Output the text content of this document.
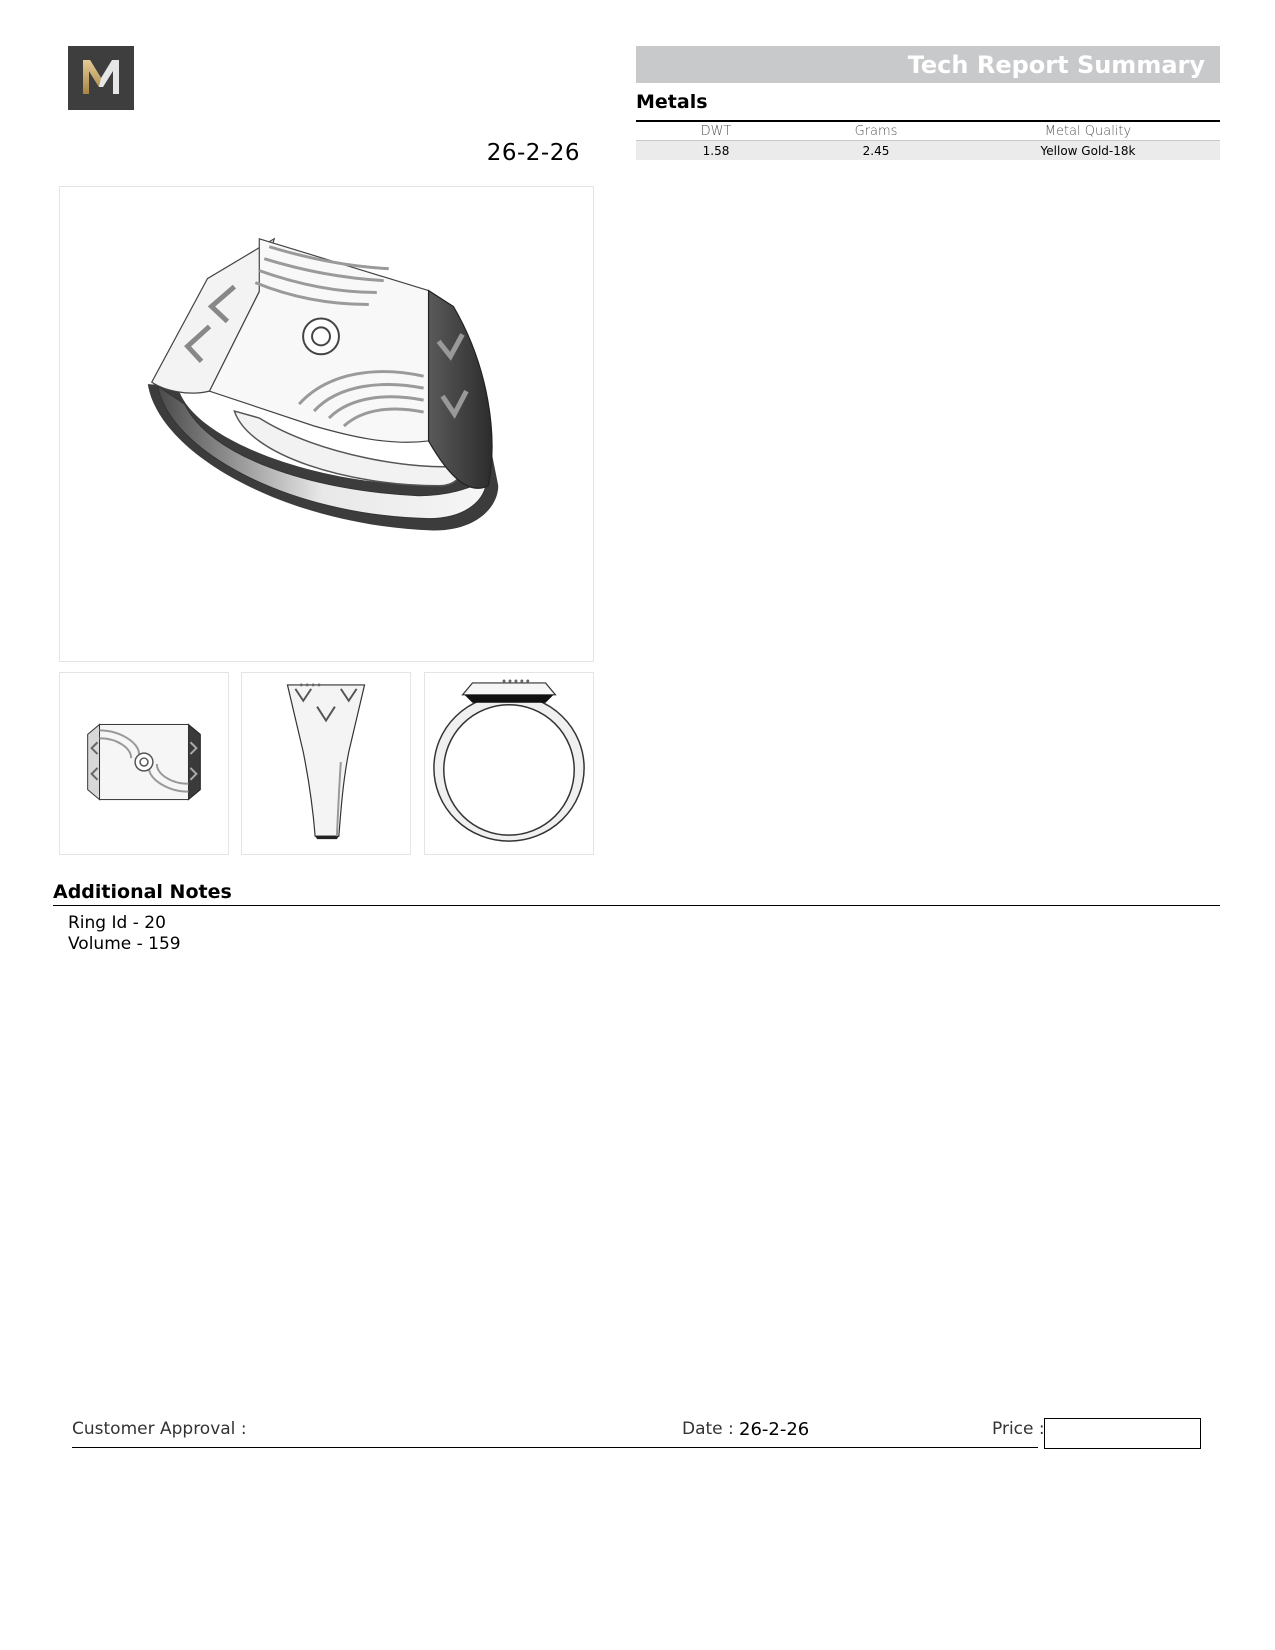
26-2-26
Tech Report Summary
Metals
DWT	Grams	Metal Quality
1.58	2.45	Yellow Gold-18k
Additional Notes
Ring Id - 20
Volume - 159
Customer Approval :	Date : 26-2-26	Price :
